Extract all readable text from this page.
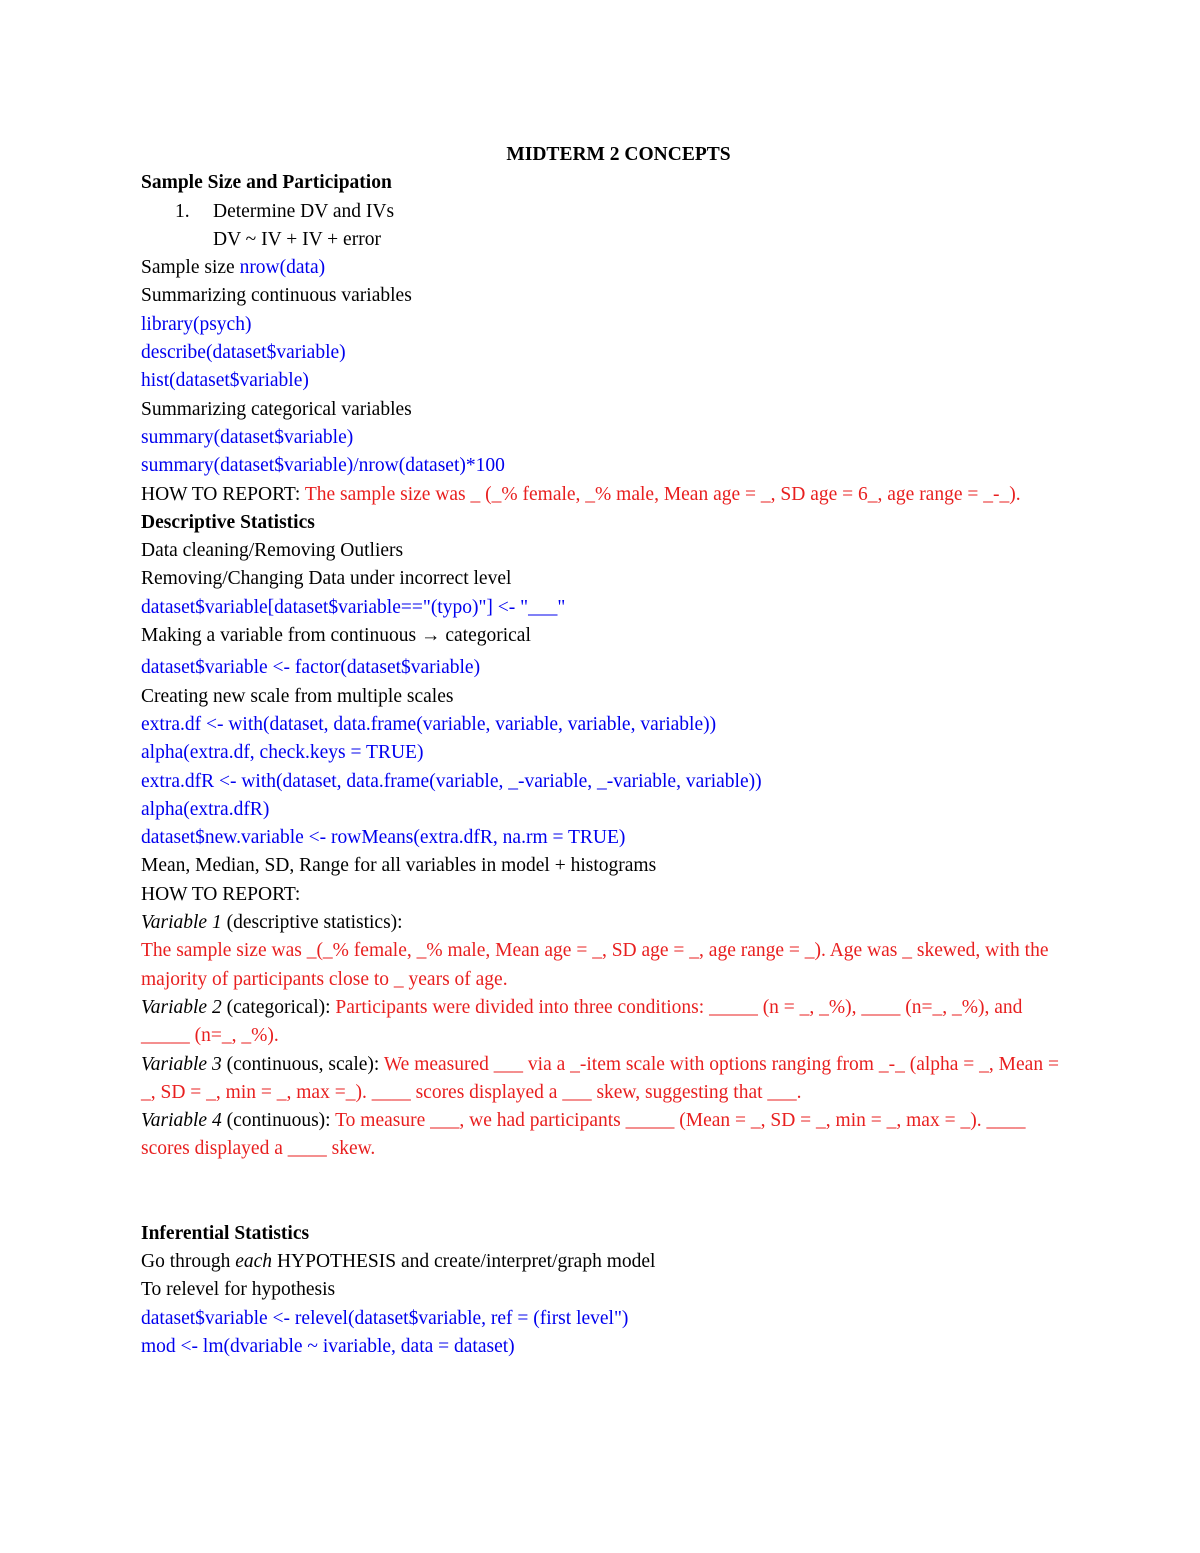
MIDTERM 2 CONCEPTS
Sample Size and Participation
1. Determine DV and IVs
DV ~ IV + IV + error
Sample size nrow(data)
Summarizing continuous variables
library(psych)
describe(dataset$variable)
hist(dataset$variable)
Summarizing categorical variables
summary(dataset$variable)
summary(dataset$variable)/nrow(dataset)*100
HOW TO REPORT: The sample size was _ (_% female, _% male, Mean age = _, SD age = 6_, age range = _-_).
Descriptive Statistics
Data cleaning/Removing Outliers
Removing/Changing Data under incorrect level
dataset$variable[dataset$variable=="(typo)"] <- "___"
Making a variable from continuous → categorical
dataset$variable <- factor(dataset$variable)
Creating new scale from multiple scales
extra.df <- with(dataset, data.frame(variable, variable, variable, variable))
alpha(extra.df, check.keys = TRUE)
extra.dfR <- with(dataset, data.frame(variable, _-variable, _-variable, variable))
alpha(extra.dfR)
dataset$new.variable <- rowMeans(extra.dfR, na.rm = TRUE)
Mean, Median, SD, Range for all variables in model + histograms
HOW TO REPORT:
Variable 1 (descriptive statistics):
The sample size was _(_% female, _% male, Mean age = _, SD age = _, age range = _). Age was _ skewed, with the majority of participants close to _ years of age.
Variable 2 (categorical): Participants were divided into three conditions: _____ (n = _, _%), ____ (n=_, _%), and _____ (n=_, _%).
Variable 3 (continuous, scale): We measured ___ via a _-item scale with options ranging from _-_ (alpha = _, Mean = _, SD = _, min = _, max =_). ____ scores displayed a ___ skew, suggesting that ___.
Variable 4 (continuous): To measure ___, we had participants _____ (Mean = _, SD = _, min = _, max = _). ____ scores displayed a ____ skew.
Inferential Statistics
Go through each HYPOTHESIS and create/interpret/graph model
To relevel for hypothesis
dataset$variable <- relevel(dataset$variable, ref = (first level")
mod <- lm(dvariable ~ ivariable, data = dataset)
